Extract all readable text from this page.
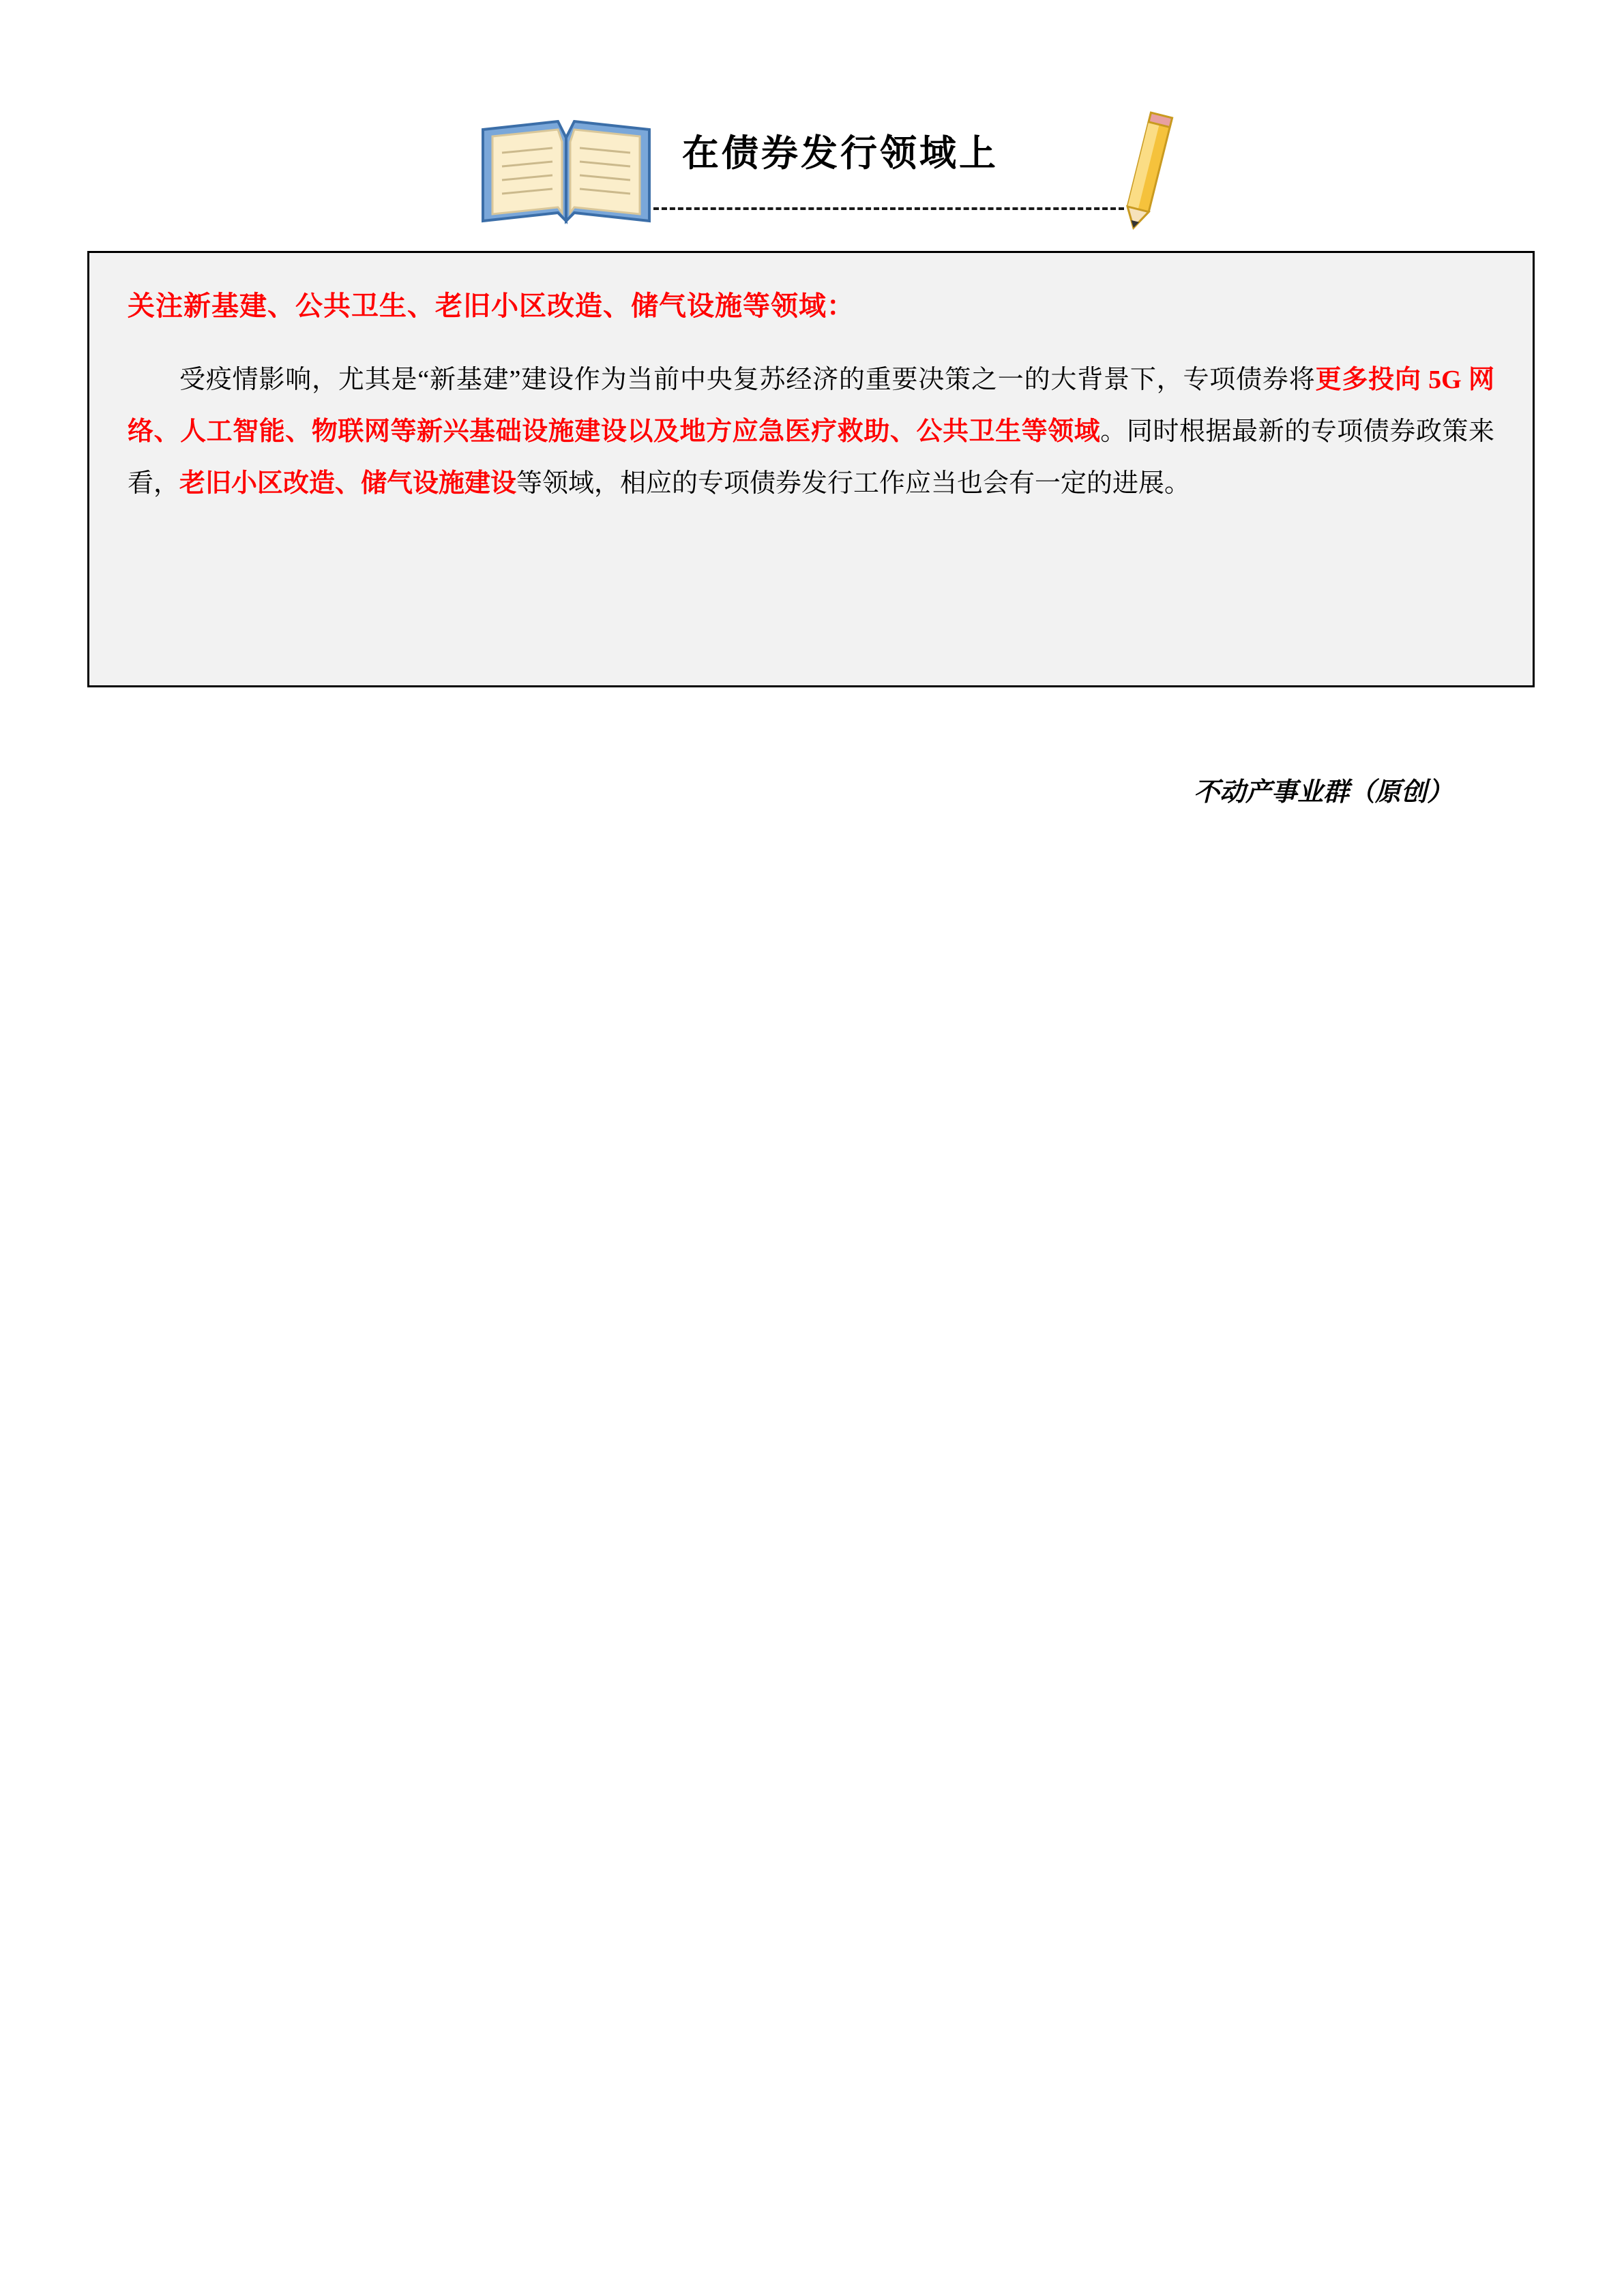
在债券发行领域上

关注新基建、公共卫生、老旧小区改造、储气设施等领域：

受疫情影响，尤其是“新基建”建设作为当前中央复苏经济的重要决策之一的大背景下，专项债券将更多投向 5G 网络、人工智能、物联网等新兴基础设施建设以及地方应急医疗救助、公共卫生等领域。同时根据最新的专项债券政策来看，老旧小区改造、储气设施建设等领域，相应的专项债券发行工作应当也会有一定的进展。

不动产事业群（原创）
